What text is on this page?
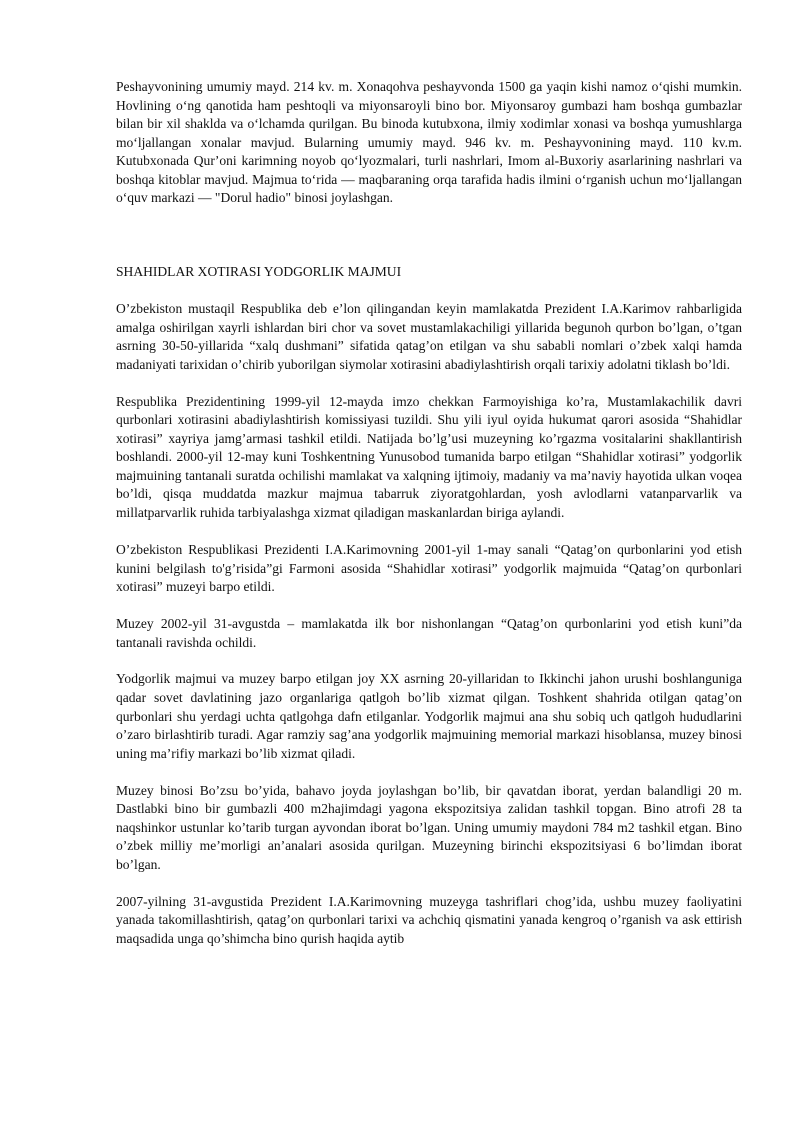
Peshayvonining umumiy mayd. 214 kv. m. Xonaqohva peshayvonda 1500 ga yaqin kishi namoz oʻqishi mumkin. Hovlining oʻng qanotida ham peshtoqli va miyonsaroyli bino bor. Miyonsaroy gumbazi ham boshqa gumbazlar bilan bir xil shaklda va oʻlchamda qurilgan. Bu binoda kutubxona, ilmiy xodimlar xonasi va boshqa yumushlarga moʻljallangan xonalar mavjud. Bularning umumiy mayd. 946 kv. m. Peshayvonining mayd. 110 kv.m. Kutubxonada Qurʼoni karimning noyob qoʻlyozmalari, turli nashrlari, Imom al-Buxoriy asarlarining nashrlari va boshqa kitoblar mavjud. Majmua toʻrida — maqbaraning orqa tarafida hadis ilmini oʻrganish uchun moʻljallangan oʻquv markazi — "Dorul hadio" binosi joylashgan.

SHAHIDLAR XOTIRASI YODGORLIK MAJMUI

O’zbekiston mustaqil Respublika deb e’lon qilingandan keyin mamlakatda Prezident I.A.Karimov rahbarligida amalga oshirilgan xayrli ishlardan biri chor va sovet mustamlakachiligi yillarida begunoh qurbon bo’lgan, o’tgan asrning 30-50-yillarida “xalq dushmani” sifatida qatag’on etilgan va shu sababli nomlari o’zbek xalqi hamda madaniyati tarixidan o’chirib yuborilgan siymolar xotirasini abadiylashtirish orqali tarixiy adolatni tiklash bo’ldi.

Respublika Prezidentining 1999-yil 12-mayda imzo chekkan Farmoyishiga ko’ra, Mustamlakachilik davri qurbonlari xotirasini abadiylashtirish komissiyasi tuzildi. Shu yili iyul oyida hukumat qarori asosida “Shahidlar xotirasi” xayriya jamg’armasi tashkil etildi. Natijada bo’lg’usi muzeyning ko’rgazma vositalarini shakllantirish boshlandi. 2000-yil 12-may kuni Toshkentning Yunusobod tumanida barpo etilgan “Shahidlar xotirasi” yodgorlik majmuining tantanali suratda ochilishi mamlakat va xalqning ijtimoiy, madaniy va ma’naviy hayotida ulkan voqea bo’ldi, qisqa muddatda mazkur majmua tabarruk ziyoratgohlardan, yosh avlodlarni vatanparvarlik va millatparvarlik ruhida tarbiyalashga xizmat qiladigan maskanlardan biriga aylandi.

O’zbekiston Respublikasi Prezidenti I.A.Karimovning 2001-yil 1-may sanali “Qatag’on qurbonlarini yod etish kunini belgilash to'g’risida”gi Farmoni asosida “Shahidlar xotirasi” yodgorlik majmuida “Qatag’on qurbonlari xotirasi” muzeyi barpo etildi.

Muzey 2002-yil 31-avgustda – mamlakatda ilk bor nishonlangan “Qatag’on qurbonlarini yod etish kuni”da tantanali ravishda ochildi.

Yodgorlik majmui va muzey barpo etilgan joy XX asrning 20-yillaridan to Ikkinchi jahon urushi boshlanguniga qadar sovet davlatining jazo organlariga qatlgoh bo’lib xizmat qilgan. Toshkent shahrida otilgan qatag’on qurbonlari shu yerdagi uchta qatlgohga dafn etilganlar. Yodgorlik majmui ana shu sobiq uch qatlgoh hududlarini o’zaro birlashtirib turadi. Agar ramziy sag’ana yodgorlik majmuining memorial markazi hisoblansa, muzey binosi uning ma’rifiy markazi bo’lib xizmat qiladi.

Muzey binosi Bo’zsu bo’yida, bahavo joyda joylashgan bo’lib, bir qavatdan iborat, yerdan balandligi 20 m. Dastlabki bino bir gumbazli 400 m2hajimdagi yagona ekspozitsiya zalidan tashkil topgan. Bino atrofi 28 ta naqshinkor ustunlar ko’tarib turgan ayvondan iborat bo’lgan. Uning umumiy maydoni 784 m2 tashkil etgan. Bino o’zbek milliy me’morligi an’analari asosida qurilgan. Muzeyning birinchi ekspozitsiyasi 6 bo’limdan iborat bo’lgan.

2007-yilning 31-avgustida Prezident I.A.Karimovning muzeyga tashriflari chog’ida, ushbu muzey faoliyatini yanada takomillashtirish, qatag’on qurbonlari tarixi va achchiq qismatini yanada kengroq o’rganish va ask ettirish maqsadida unga qo’shimcha bino qurish haqida aytib
